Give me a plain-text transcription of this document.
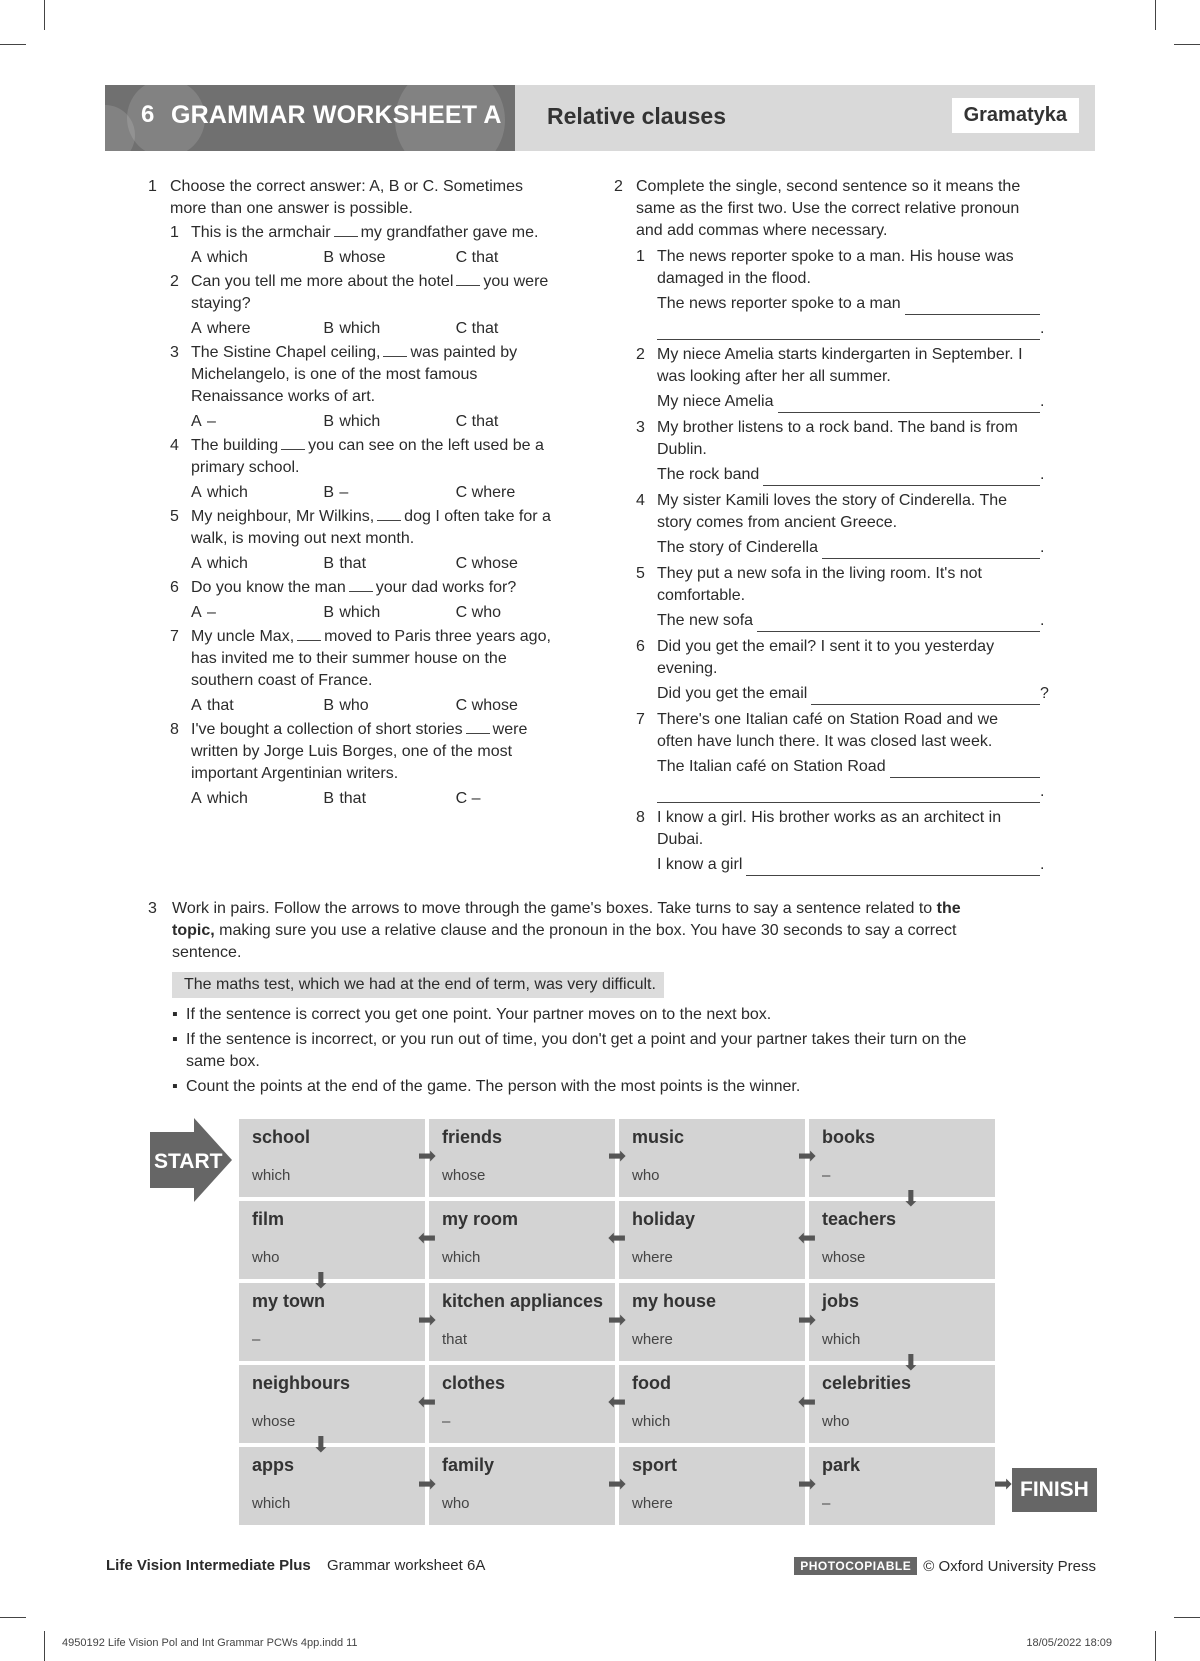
6 GRAMMAR WORKSHEET A Relative clauses	Gramatyka
1 Choose the correct answer: A, B or C. Sometimes more than one answer is possible.
1 This is the armchair my grandfather gave me.
A which	B whose	C that
2 Can you tell me more about the hotel you were staying?
A where	B which	C that
3 The Sistine Chapel ceiling, was painted by Michelangelo, is one of the most famous Renaissance works of art.
A –	B which	C that
4 The building you can see on the left used be a primary school.
A which	B –	C where
5 My neighbour, Mr Wilkins, dog I often take for a walk, is moving out next month.
A which	B that	C whose
6 Do you know the man your dad works for?
A –	B which	C who
7 My uncle Max, moved to Paris three years ago, has invited me to their summer house on the southern coast of France.
A that	B who	C whose
8 I've bought a collection of short stories were written by Jorge Luis Borges, one of the most important Argentinian writers.
A which	B that	C –
2 Complete the single, second sentence so it means the same as the first two. Use the correct relative pronoun and add commas where necessary.
1 The news reporter spoke to a man. His house was damaged in the flood.
The news reporter spoke to a man
.
2 My niece Amelia starts kindergarten in September. I was looking after her all summer.
My niece Amelia	.
3 My brother listens to a rock band. The band is from Dublin.
The rock band	.
4 My sister Kamili loves the story of Cinderella. The story comes from ancient Greece.
The story of Cinderella	.
5 They put a new sofa in the living room. It's not comfortable.
The new sofa	.
6 Did you get the email? I sent it to you yesterday evening.
Did you get the email	?
7 There's one Italian café on Station Road and we often have lunch there. It was closed last week.
The Italian café on Station Road
.
8 I know a girl. His brother works as an architect in Dubai.
I know a girl	.
3 Work in pairs. Follow the arrows to move through the game's boxes. Take turns to say a sentence related to the topic, making sure you use a relative clause and the pronoun in the box. You have 30 seconds to say a correct sentence.
The maths test, which we had at the end of term, was very difficult.
▪ If the sentence is correct you get one point. Your partner moves on to the next box.
▪ If the sentence is incorrect, or you run out of time, you don't get a point and your partner takes their turn on the same box.
▪ Count the points at the end of the game. The person with the most points is the winner.
START
school
which
friends
whose
music
who
books
–
film
who
my room
which
holiday
where
teachers
whose
my town
–
kitchen appliances
that
my house
where
jobs
which
neighbours
whose
clothes
–
food
which
celebrities
who
apps
which
family
who
sport
where
park
–
➡	➡	➡
⬅	⬅	⬅
➡	➡	➡
⬅	⬅	⬅
➡	➡	➡
⬇
⬇
⬇
⬇
➡ FINISH
Life Vision Intermediate Plus Grammar worksheet 6A	PHOTOCOPIABLE © Oxford University Press
4950192 Life Vision Pol and Int Grammar PCWs 4pp.indd 11	18/05/2022 18:09
